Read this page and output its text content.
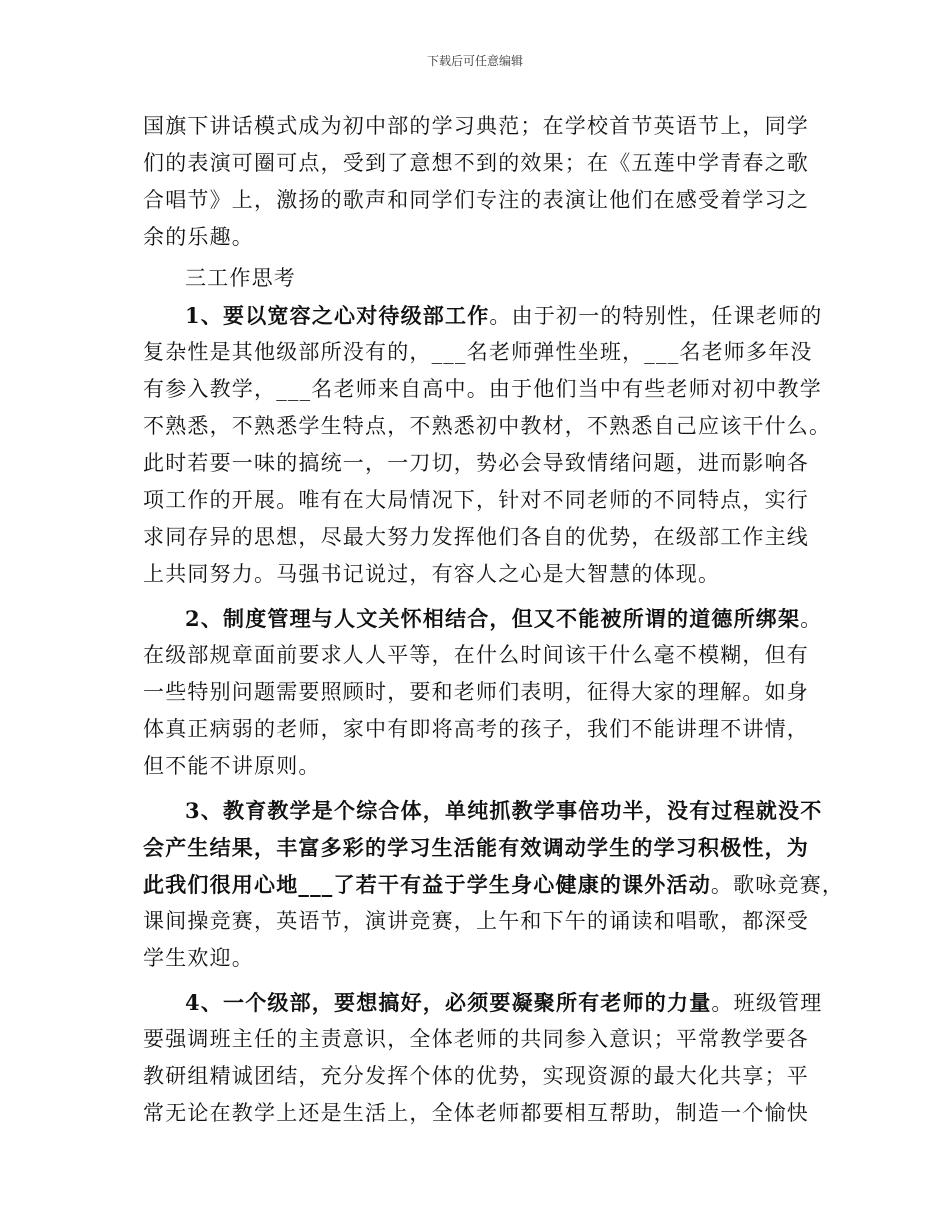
下载后可任意编辑
国旗下讲话模式成为初中部的学习典范；在学校首节英语节上，同学
们的表演可圈可点，受到了意想不到的效果；在《五莲中学青春之歌
合唱节》上，激扬的歌声和同学们专注的表演让他们在感受着学习之
余的乐趣。
三工作思考
1、要以宽容之心对待级部工作。由于初一的特别性，任课老师的
复杂性是其他级部所没有的，___名老师弹性坐班，___名老师多年没
有参入教学，___名老师来自高中。由于他们当中有些老师对初中教学
不熟悉，不熟悉学生特点，不熟悉初中教材，不熟悉自己应该干什么。
此时若要一味的搞统一，一刀切，势必会导致情绪问题，进而影响各
项工作的开展。唯有在大局情况下，针对不同老师的不同特点，实行
求同存异的思想，尽最大努力发挥他们各自的优势，在级部工作主线
上共同努力。马强书记说过，有容人之心是大智慧的体现。
2、制度管理与人文关怀相结合，但又不能被所谓的道德所绑架。
在级部规章面前要求人人平等，在什么时间该干什么毫不模糊，但有
一些特别问题需要照顾时，要和老师们表明，征得大家的理解。如身
体真正病弱的老师，家中有即将高考的孩子，我们不能讲理不讲情，
但不能不讲原则。
3、教育教学是个综合体，单纯抓教学事倍功半，没有过程就没不
会产生结果，丰富多彩的学习生活能有效调动学生的学习积极性，为
此我们很用心地___了若干有益于学生身心健康的课外活动。歌咏竞赛，
课间操竞赛，英语节，演讲竞赛，上午和下午的诵读和唱歌，都深受
学生欢迎。
4、一个级部，要想搞好，必须要凝聚所有老师的力量。班级管理
要强调班主任的主责意识，全体老师的共同参入意识；平常教学要各
教研组精诚团结，充分发挥个体的优势，实现资源的最大化共享；平
常无论在教学上还是生活上，全体老师都要相互帮助，制造一个愉快
